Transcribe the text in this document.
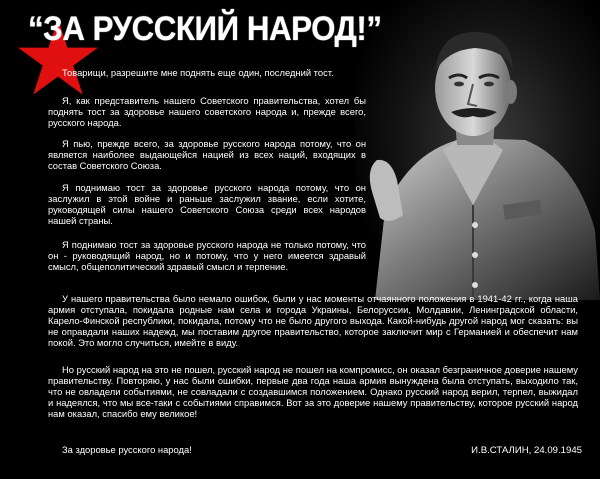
“ЗА РУССКИЙ НАРОД!”
Товарищи, разрешите мне поднять еще один, последний тост.
Я, как представитель нашего Советского правительства, хотел бы поднять тост за здоровье нашего советского народа и, прежде всего, русского народа.
Я пью, прежде всего, за здоровье русского народа потому, что он является наиболее выдающейся нацией из всех наций, входящих в состав Советского Союза.
Я поднимаю тост за здоровье русского народа потому, что он заслужил в этой войне и раньше заслужил звание, если хотите, руководящей силы нашего Советского Союза среди всех народов нашей страны.
Я поднимаю тост за здоровье русского народа не только потому, что он - руководящий народ, но и потому, что у него имеется здравый смысл, общеполитический здравый смысл и терпение.
У нашего правительства было немало ошибок, были у нас моменты отчаянного положения в 1941-42 гг., когда наша армия отступала, покидала родные нам села и города Украины, Белоруссии, Молдавии, Ленинградской области, Карело-Финской республики, покидала, потому что не было другого выхода. Какой-нибудь другой народ мог сказать: вы не оправдали наших надежд, мы поставим другое правительство, которое заключит мир с Германией и обеспечит нам покой. Это могло случиться, имейте в виду.
Но русский народ на это не пошел, русский народ не пошел на компромисс, он оказал безграничное доверие нашему правительству. Повторяю, у нас были ошибки, первые два года наша армия вынуждена была отступать, выходило так, что не овладели событиями, не совладали с создавшимся положением. Однако русский народ верил, терпел, выжидал и надеялся, что мы все-таки с событиями справимся. Вот за это доверие нашему правительству, которое русский народ нам оказал, спасибо ему великое!
За здоровье русского народа!	И.В.СТАЛИН, 24.09.1945
